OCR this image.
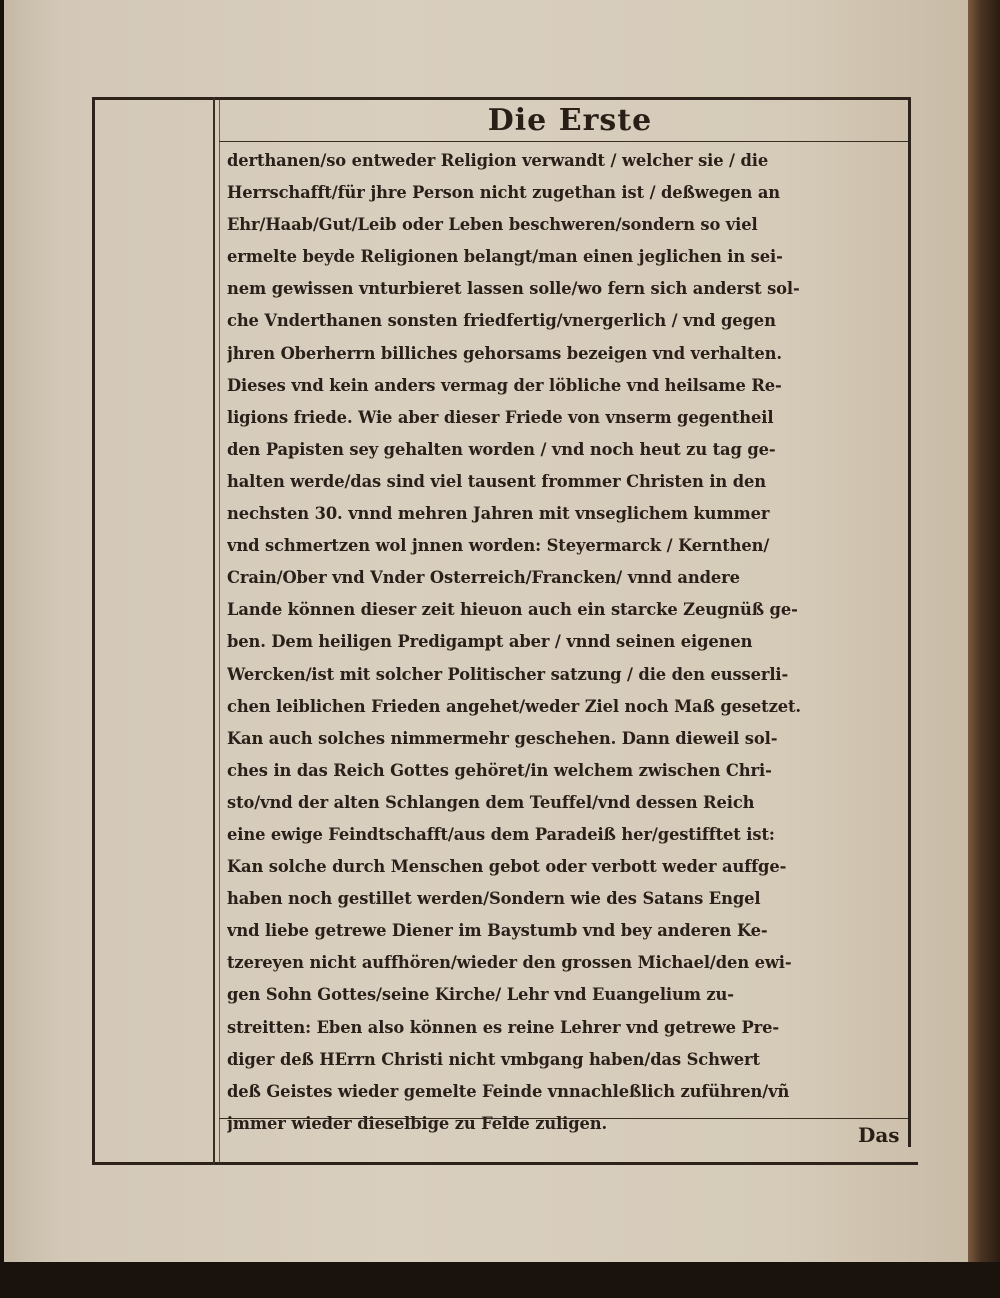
Die Erste
derthanen/so entweder Religion verwandt / welcher sie / die
Herrschafft/für jhre Person nicht zugethan ist / deßwegen an
Ehr/Haab/Gut/Leib oder Leben beschweren/sondern so viel
ermelte beyde Religionen belangt/man einen jeglichen in sei-
nem gewissen vnturbieret lassen solle/wo fern sich anderst sol-
che Vnderthanen sonsten friedfertig/vnergerlich / vnd gegen
jhren Oberherrn billiches gehorsams bezeigen vnd verhalten.
Dieses vnd kein anders vermag der löbliche vnd heilsame Re-
ligions friede. Wie aber dieser Friede von vnserm gegentheil
den Papisten sey gehalten worden / vnd noch heut zu tag ge-
halten werde/das sind viel tausent frommer Christen in den
nechsten 30. vnnd mehren Jahren mit vnseglichem kummer
vnd schmertzen wol jnnen worden: Steyermarck / Kernthen/
Crain/Ober vnd Vnder Osterreich/Francken/ vnnd andere
Lande können dieser zeit hieuon auch ein starcke Zeugnüß ge-
ben. Dem heiligen Predigampt aber / vnnd seinen eigenen
Wercken/ist mit solcher Politischer satzung / die den eusserli-
chen leiblichen Frieden angehet/weder Ziel noch Maß gesetzet.
Kan auch solches nimmermehr geschehen. Dann dieweil sol-
ches in das Reich Gottes gehöret/in welchem zwischen Chri-
sto/vnd der alten Schlangen dem Teuffel/vnd dessen Reich
eine ewige Feindtschafft/aus dem Paradeiß her/gestifftet ist:
Kan solche durch Menschen gebot oder verbott weder auffge-
haben noch gestillet werden/Sondern wie des Satans Engel
vnd liebe getrewe Diener im Baystumb vnd bey anderen Ke-
tzereyen nicht auffhören/wieder den grossen Michael/den ewi-
gen Sohn Gottes/seine Kirche/ Lehr vnd Euangelium zu-
streitten: Eben also können es reine Lehrer vnd getrewe Pre-
diger deß HErrn Christi nicht vmbgang haben/das Schwert
deß Geistes wieder gemelte Feinde vnnachleßlich zuführen/vñ
jmmer wieder dieselbige zu Felde zuligen.	Das
